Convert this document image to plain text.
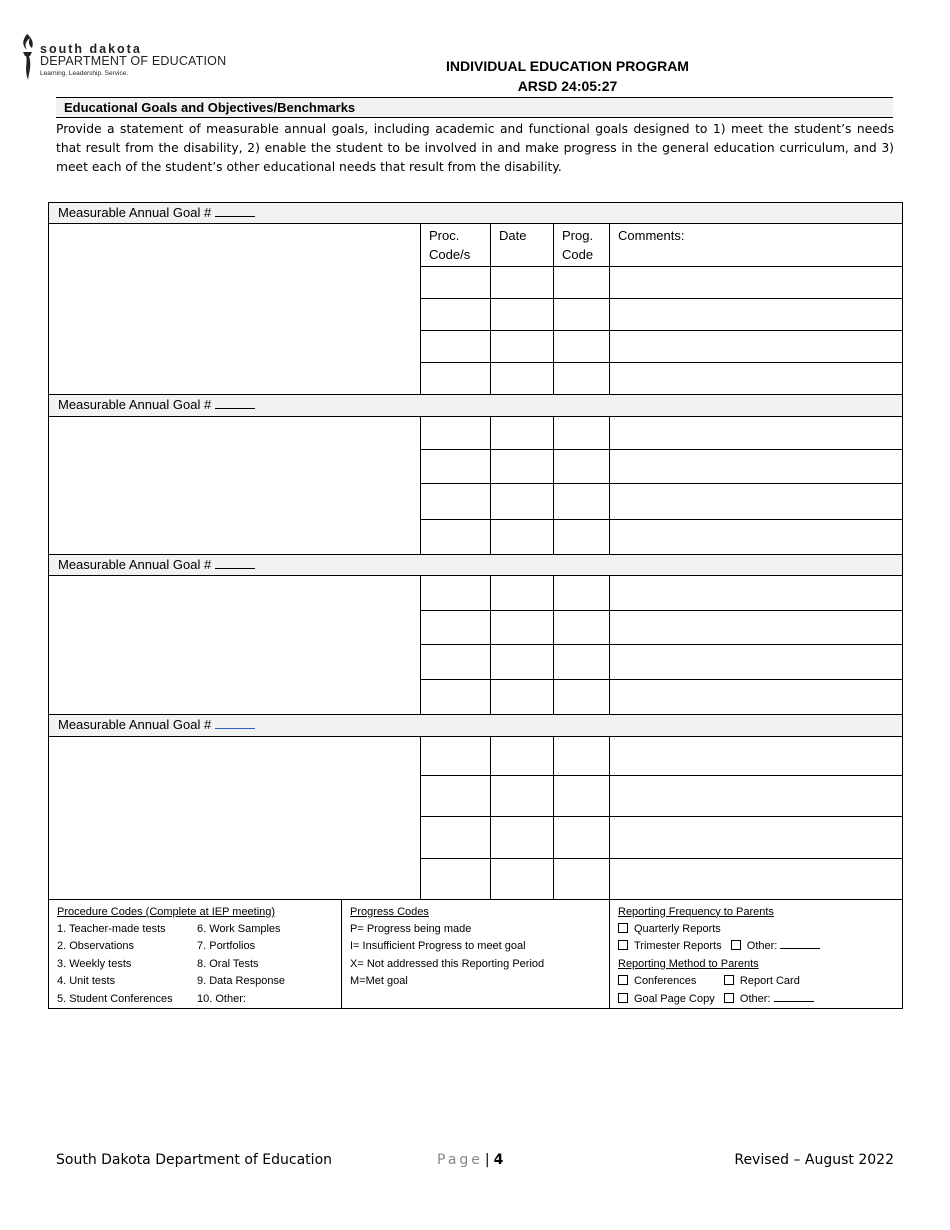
south dakota
DEPARTMENT OF EDUCATION
Learning. Leadership. Service.	INDIVIDUAL EDUCATION PROGRAM
ARSD 24:05:27
Educational Goals and Objectives/Benchmarks
Provide a statement of measurable annual goals, including academic and functional goals designed to 1) meet the student’s needs that result from the disability, 2) enable the student to be involved in and make progress in the general education curriculum, and 3) meet each of the student’s other educational needs that result from the disability.
Measurable Annual Goal #				
	Proc. Code/s	Date	Prog. Code	Comments:

Measurable Annual Goal #				

Measurable Annual Goal #				

Measurable Annual Goal #				

Procedure Codes (Complete at IEP meeting)
1. Teacher-made tests	6. Work Samples
2. Observations	7. Portfolios
3. Weekly tests	8. Oral Tests
4. Unit tests	9. Data Response
5. Student Conferences	10. Other:

Progress Codes
P= Progress being made
I= Insufficient Progress to meet goal
X= Not addressed this Reporting Period
M=Met goal

Reporting Frequency to Parents
Quarterly Reports
Trimester Reports Other:
Reporting Method to Parents
Conferences	Report Card
Goal Page Copy Other:
South Dakota Department of Education	Page | 4	Revised – August 2022
